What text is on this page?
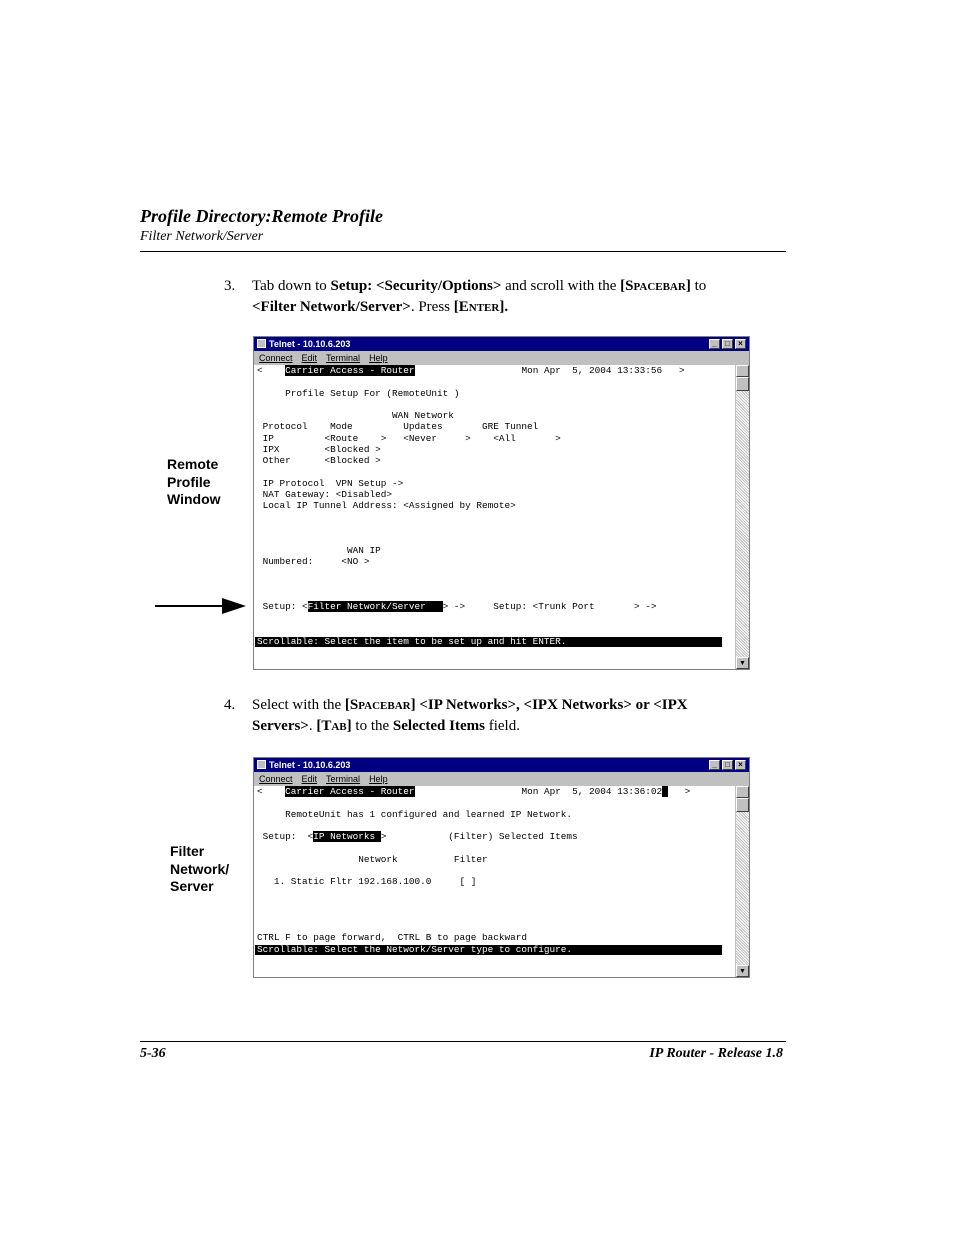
Profile Directory:Remote Profile
Filter Network/Server
3. Tab down to Setup: <Security/Options> and scroll with the [Spacebar] to
<Filter Network/Server>. Press [Enter].
Remote
Profile
Window
Telnet - 10.10.6.203	_	□	×
Connect Edit Terminal Help
<    Carrier Access - Router                   Mon Apr  5, 2004 13:33:56   >

Profile Setup For (RemoteUnit )

WAN Network
Protocol    Mode         Updates       GRE Tunnel
IP         <Route    >   <Never     >    <All       >
IPX        <Blocked >
Other      <Blocked >

IP Protocol  VPN Setup ->
NAT Gateway: <Disabled>
Local IP Tunnel Address: <Assigned by Remote>

WAN IP
Numbered:     <NO >

Setup: <Filter Network/Server   > ->     Setup: <Trunk Port       > ->
Scrollable: Select the item to be set up and hit ENTER.
▼
4. Select with the [Spacebar] <IP Networks>, <IPX Networks> or <IPX
Servers>. [Tab] to the Selected Items field.
Filter
Network/
Server
Telnet - 10.10.6.203	_	□	×
Connect Edit Terminal Help
<    Carrier Access - Router                   Mon Apr  5, 2004 13:36:02    >

RemoteUnit has 1 configured and learned IP Network.

Setup:  <IP Networks >           (Filter) Selected Items

Network          Filter

1. Static Fltr 192.168.100.0     [ ]

CTRL F to page forward,  CTRL B to page backward
Scrollable: Select the Network/Server type to configure.
▼
5-36	IP Router - Release 1.8
